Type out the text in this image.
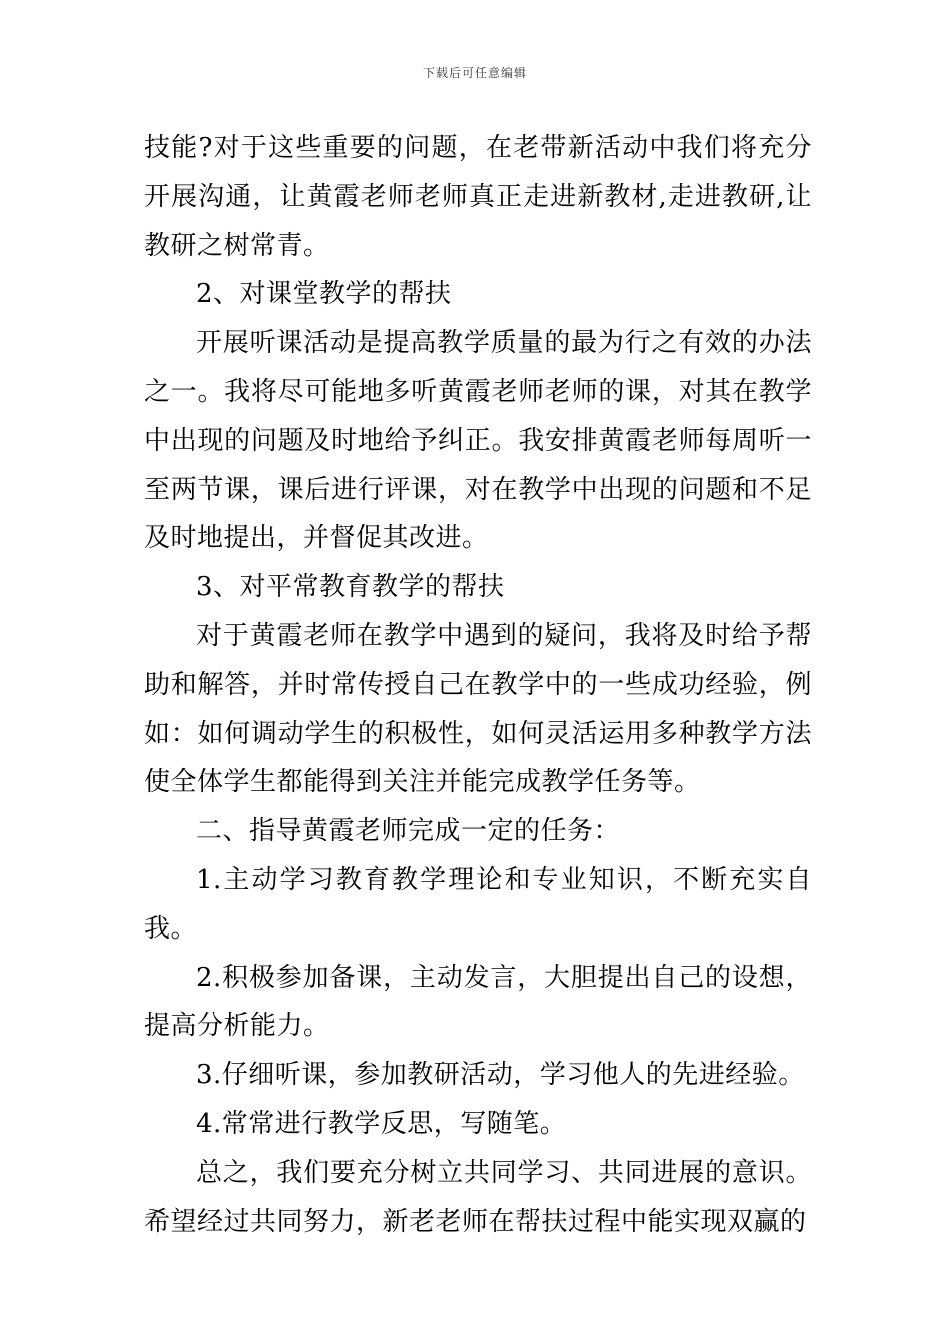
下载后可任意编辑

技能?对于这些重要的问题，在老带新活动中我们将充分开展沟通，让黄霞老师老师真正走进新教材,走进教研,让教研之树常青。

2、对课堂教学的帮扶

开展听课活动是提高教学质量的最为行之有效的办法之一。我将尽可能地多听黄霞老师老师的课，对其在教学中出现的问题及时地给予纠正。我安排黄霞老师每周听一至两节课，课后进行评课，对在教学中出现的问题和不足及时地提出，并督促其改进。

3、对平常教育教学的帮扶

对于黄霞老师在教学中遇到的疑问，我将及时给予帮助和解答，并时常传授自己在教学中的一些成功经验，例如：如何调动学生的积极性，如何灵活运用多种教学方法使全体学生都能得到关注并能完成教学任务等。

二、指导黄霞老师完成一定的任务：

1.主动学习教育教学理论和专业知识，不断充实自我。

2.积极参加备课，主动发言，大胆提出自己的设想，提高分析能力。

3.仔细听课，参加教研活动，学习他人的先进经验。

4.常常进行教学反思，写随笔。

总之，我们要充分树立共同学习、共同进展的意识。希望经过共同努力，新老老师在帮扶过程中能实现双赢的
